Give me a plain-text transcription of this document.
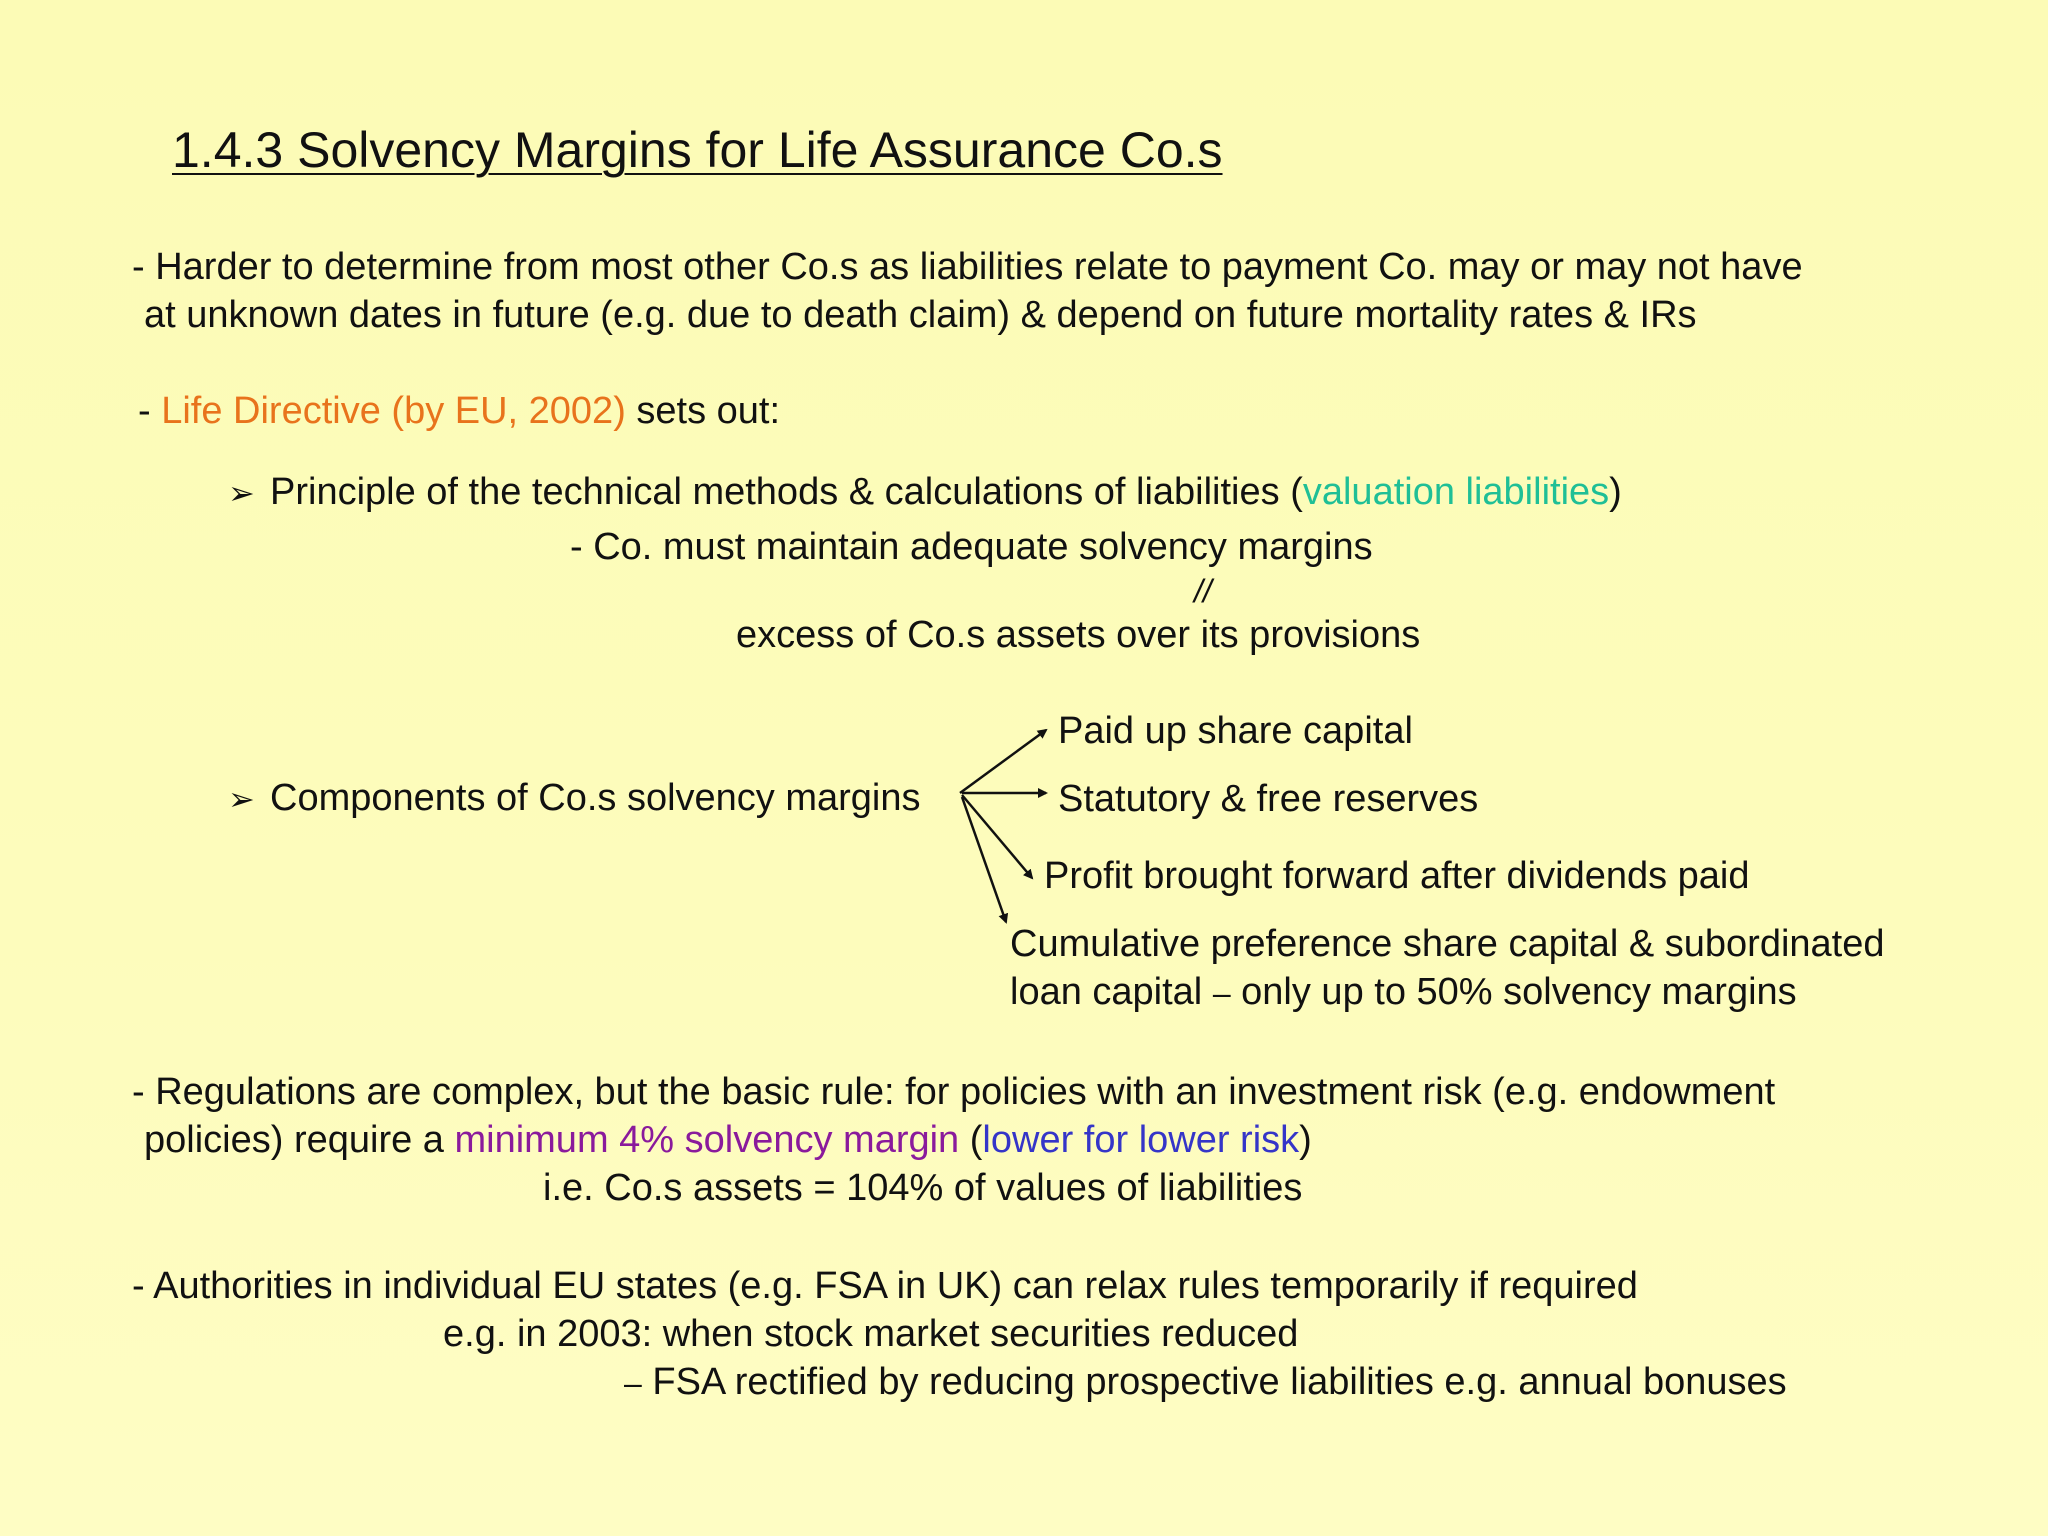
1.4.3 Solvency Margins for Life Assurance Co.s
- Harder to determine from most other Co.s as liabilities relate to payment Co. may or may not have
at unknown dates in future (e.g. due to death claim) & depend on future mortality rates & IRs
- Life Directive (by EU, 2002) sets out:
➢ Principle of the technical methods & calculations of liabilities (valuation liabilities)
- Co. must maintain adequate solvency margins
//
excess of Co.s assets over its provisions
➢ Components of Co.s solvency margins
Paid up share capital
Statutory & free reserves
Profit brought forward after dividends paid
Cumulative preference share capital & subordinated
loan capital – only up to 50% solvency margins
- Regulations are complex, but the basic rule: for policies with an investment risk (e.g. endowment
policies) require a minimum 4% solvency margin (lower for lower risk)
i.e. Co.s assets = 104% of values of liabilities
- Authorities in individual EU states (e.g. FSA in UK) can relax rules temporarily if required
e.g. in 2003: when stock market securities reduced
– FSA rectified by reducing prospective liabilities e.g. annual bonuses
